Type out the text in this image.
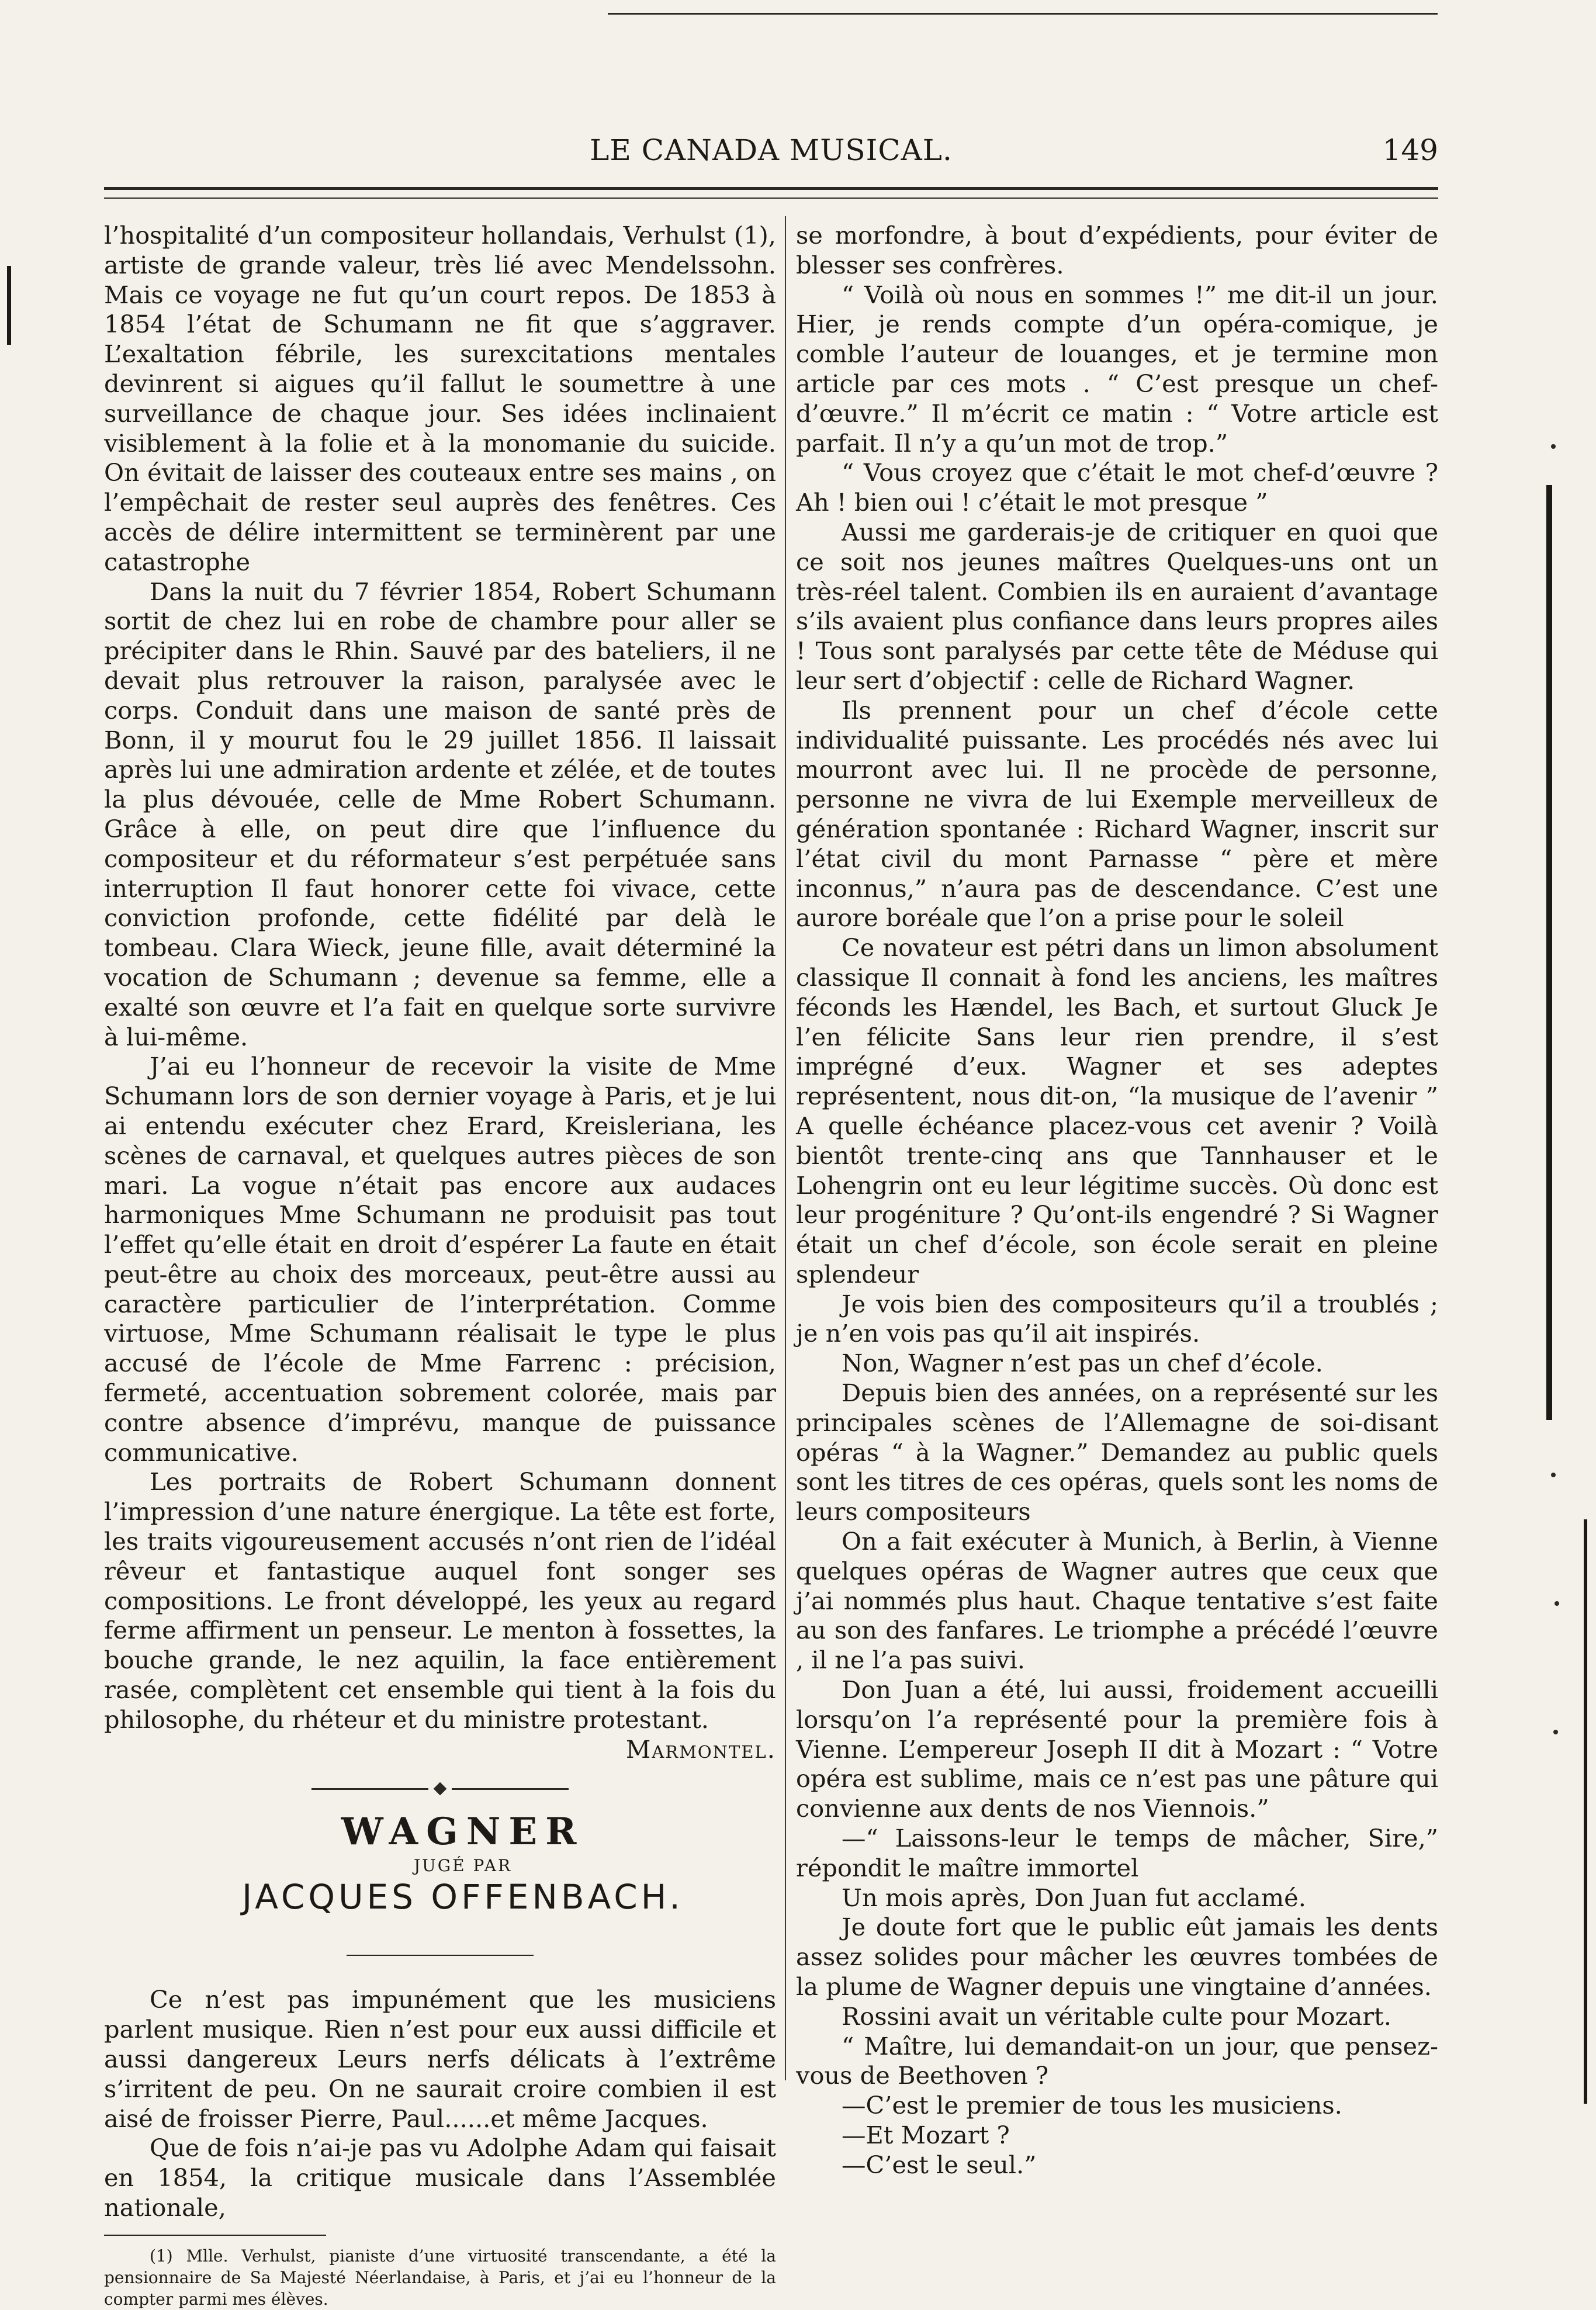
LE CANADA MUSICAL.	149

l’hospitalité d’un compositeur hollandais, Verhulst (1), artiste de grande valeur, très lié avec Mendelssohn. Mais ce voyage ne fut qu’un court repos. De 1853 à 1854 l’état de Schumann ne fit que s’aggraver. L’exaltation fébrile, les surexcitations mentales devinrent si aigues qu’il fallut le soumettre à une surveillance de chaque jour. Ses idées inclinaient visiblement à la folie et à la monomanie du suicide. On évitait de laisser des couteaux entre ses mains , on l’empêchait de rester seul auprès des fenêtres. Ces accès de délire intermittent se terminèrent par une catastrophe

Dans la nuit du 7 février 1854, Robert Schumann sortit de chez lui en robe de chambre pour aller se précipiter dans le Rhin. Sauvé par des bateliers, il ne devait plus retrouver la raison, paralysée avec le corps. Conduit dans une maison de santé près de Bonn, il y mourut fou le 29 juillet 1856. Il laissait après lui une admiration ardente et zélée, et de toutes la plus dévouée, celle de Mme Robert Schumann. Grâce à elle, on peut dire que l’influence du compositeur et du réformateur s’est perpétuée sans interruption Il faut honorer cette foi vivace, cette conviction profonde, cette fidélité par delà le tombeau. Clara Wieck, jeune fille, avait déterminé la vocation de Schumann ; devenue sa femme, elle a exalté son œuvre et l’a fait en quelque sorte survivre à lui-même.

J’ai eu l’honneur de recevoir la visite de Mme Schumann lors de son dernier voyage à Paris, et je lui ai entendu exécuter chez Erard, Kreisleriana, les scènes de carnaval, et quelques autres pièces de son mari. La vogue n’était pas encore aux audaces harmoniques Mme Schumann ne produisit pas tout l’effet qu’elle était en droit d’espérer La faute en était peut-être au choix des morceaux, peut-être aussi au caractère particulier de l’interprétation. Comme virtuose, Mme Schumann réalisait le type le plus accusé de l’école de Mme Farrenc : précision, fermeté, accentuation sobrement colorée, mais par contre absence d’imprévu, manque de puissance communicative.

Les portraits de Robert Schumann donnent l’impression d’une nature énergique. La tête est forte, les traits vigoureusement accusés n’ont rien de l’idéal rêveur et fantastique auquel font songer ses compositions. Le front développé, les yeux au regard ferme affirment un penseur. Le menton à fossettes, la bouche grande, le nez aquilin, la face entièrement rasée, complètent cet ensemble qui tient à la fois du philosophe, du rhéteur et du ministre protestant.

Marmontel.

WAGNER

JUGÉ PAR

JACQUES OFFENBACH.

Ce n’est pas impunément que les musiciens parlent musique. Rien n’est pour eux aussi difficile et aussi dangereux Leurs nerfs délicats à l’extrême s’irritent de peu. On ne saurait croire combien il est aisé de froisser Pierre, Paul......et même Jacques.

Que de fois n’ai-je pas vu Adolphe Adam qui faisait en 1854, la critique musicale dans l’Assemblée nationale,

(1) Mlle. Verhulst, pianiste d’une virtuosité transcendante, a été la pensionnaire de Sa Majesté Néerlandaise, à Paris, et j’ai eu l’honneur de la compter parmi mes élèves.

se morfondre, à bout d’expédients, pour éviter de blesser ses confrères.

“ Voilà où nous en sommes !” me dit-il un jour. Hier, je rends compte d’un opéra-comique, je comble l’auteur de louanges, et je termine mon article par ces mots . “ C’est presque un chef-d’œuvre.” Il m’écrit ce matin : “ Votre article est parfait. Il n’y a qu’un mot de trop.”

“ Vous croyez que c’était le mot chef-d’œuvre ? Ah ! bien oui ! c’était le mot presque ”

Aussi me garderais-je de critiquer en quoi que ce soit nos jeunes maîtres Quelques-uns ont un très-réel talent. Combien ils en auraient d’avantage s’ils avaient plus confiance dans leurs propres ailes ! Tous sont paralysés par cette tête de Méduse qui leur sert d’objectif : celle de Richard Wagner.

Ils prennent pour un chef d’école cette individualité puissante. Les procédés nés avec lui mourront avec lui. Il ne procède de personne, personne ne vivra de lui Exemple merveilleux de génération spontanée : Richard Wagner, inscrit sur l’état civil du mont Parnasse “ père et mère inconnus,” n’aura pas de descendance. C’est une aurore boréale que l’on a prise pour le soleil

Ce novateur est pétri dans un limon absolument classique Il connait à fond les anciens, les maîtres féconds les Hændel, les Bach, et surtout Gluck Je l’en félicite Sans leur rien prendre, il s’est imprégné d’eux. Wagner et ses adeptes représentent, nous dit-on, “la musique de l’avenir ” A quelle échéance placez-vous cet avenir ? Voilà bientôt trente-cinq ans que Tannhauser et le Lohengrin ont eu leur légitime succès. Où donc est leur progéniture ? Qu’ont-ils engendré ? Si Wagner était un chef d’école, son école serait en pleine splendeur

Je vois bien des compositeurs qu’il a troublés ; je n’en vois pas qu’il ait inspirés.

Non, Wagner n’est pas un chef d’école.

Depuis bien des années, on a représenté sur les principales scènes de l’Allemagne de soi-disant opéras “ à la Wagner.” Demandez au public quels sont les titres de ces opéras, quels sont les noms de leurs compositeurs

On a fait exécuter à Munich, à Berlin, à Vienne quelques opéras de Wagner autres que ceux que j’ai nommés plus haut. Chaque tentative s’est faite au son des fanfares. Le triomphe a précédé l’œuvre , il ne l’a pas suivi.

Don Juan a été, lui aussi, froidement accueilli lorsqu’on l’a représenté pour la première fois à Vienne. L’empereur Joseph II dit à Mozart : “ Votre opéra est sublime, mais ce n’est pas une pâture qui convienne aux dents de nos Viennois.”

—“ Laissons-leur le temps de mâcher, Sire,” répondit le maître immortel

Un mois après, Don Juan fut acclamé.

Je doute fort que le public eût jamais les dents assez solides pour mâcher les œuvres tombées de la plume de Wagner depuis une vingtaine d’années.

Rossini avait un véritable culte pour Mozart.

“ Maître, lui demandait-on un jour, que pensez-vous de Beethoven ?

—C’est le premier de tous les musiciens.

—Et Mozart ?

—C’est le seul.”
